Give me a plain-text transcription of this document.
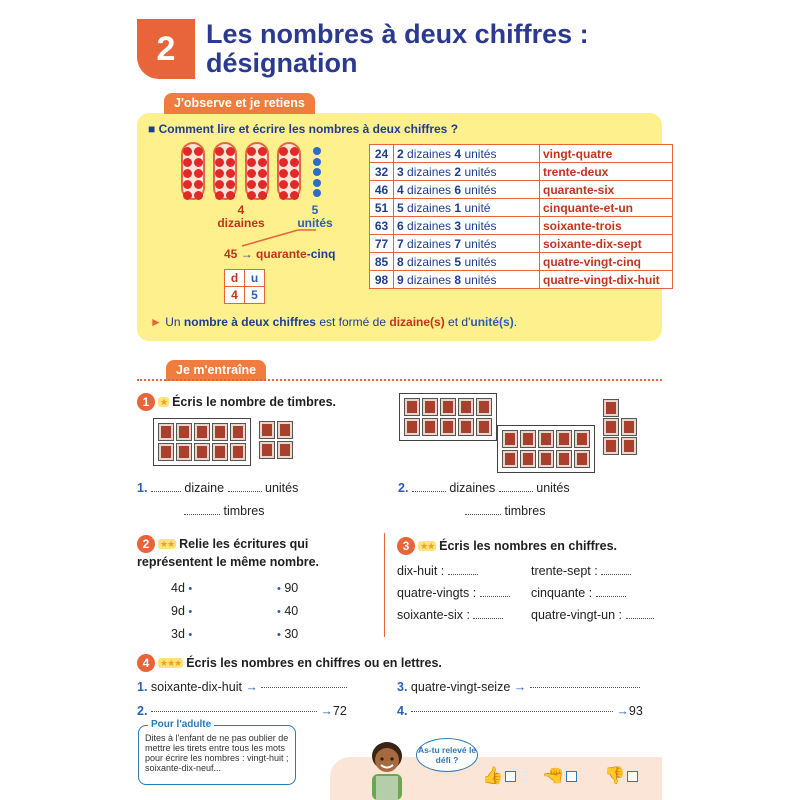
2	Les nombres à deux chiffres :
désignation
J'observe et je retiens
■ Comment lire et écrire les nombres à deux chiffres ?
4
dizaines
5
unités
45 → quarante-cinq
d	u
4	5
24	2 dizaines 4 unités	vingt-quatre
32	3 dizaines 2 unités	trente-deux
46	4 dizaines 6 unités	quarante-six
51	5 dizaines 1 unité	cinquante-et-un
63	6 dizaines 3 unités	soixante-trois
77	7 dizaines 7 unités	soixante-dix-sept
85	8 dizaines 5 unités	quatre-vingt-cinq
98	9 dizaines 8 unités	quatre-vingt-dix-huit
► Un nombre à deux chiffres est formé de dizaine(s) et d'unité(s).
Je m'entraîne
1 ★ Écris le nombre de timbres.
1.	dizaine	unités
timbres
2.	dizaines	unités
timbres
2 ★★ Relie les écritures qui
représentent le même nombre.
4d •
9d •
3d •
• 90
• 40
• 30
3 ★★ Écris les nombres en chiffres.
dix-huit :	trente-sept :
quatre-vingts :	cinquante :
soixante-six :	quatre-vingt-un :
4 ★★★ Écris les nombres en chiffres ou en lettres.
1. soixante-dix-huit →
2.	→72
3. quatre-vingt-seize →
4.	→93
Dites à l'enfant de ne pas oublier de mettre les tirets entre tous les mots pour écrire les nombres : vingt-huit ; soixante-dix-neuf...
Pour l'adulte
As-tu relevé le défi ?
👍 👍 👎
